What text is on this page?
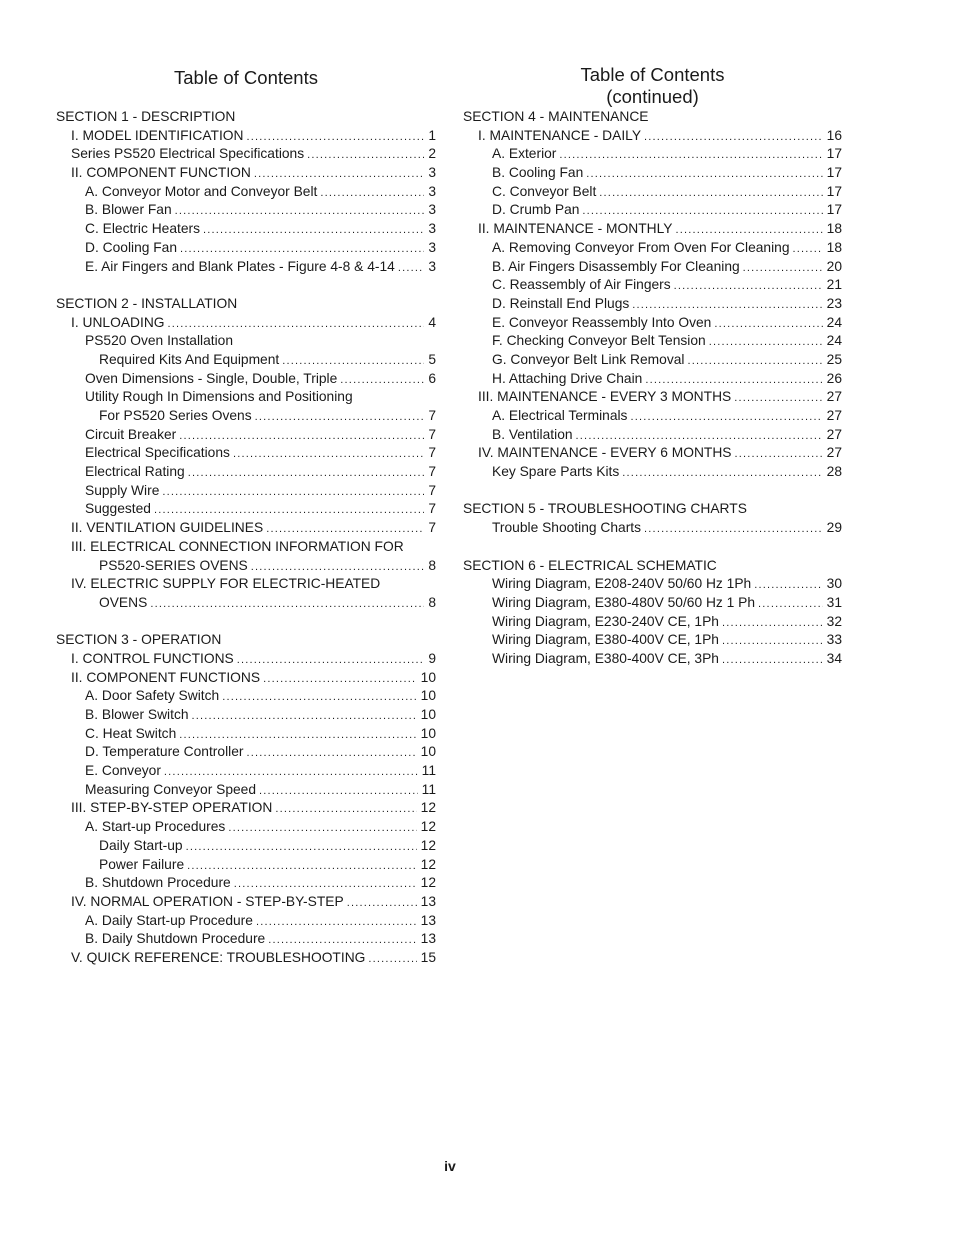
Table of Contents
SECTION 1 - DESCRIPTION
I. MODEL IDENTIFICATION .....	1
Series PS520 Electrical Specifications .....	2
II. COMPONENT FUNCTION .....	3
A. Conveyor Motor and Conveyor Belt .....	3
B. Blower Fan .....	3
C. Electric Heaters .....	3
D. Cooling Fan .....	3
E. Air Fingers and Blank Plates - Figure 4-8 & 4-14 ..... 3
SECTION 2 - INSTALLATION
I. UNLOADING .....	4
PS520 Oven Installation
Required Kits And Equipment .....	5
Oven Dimensions - Single, Double, Triple .....	6
Utility Rough In Dimensions and Positioning
For PS520 Series Ovens .....	7
Circuit Breaker .....	7
Electrical Specifications .....	7
Electrical Rating .....	7
Supply Wire .....	7
Suggested .....	7
II. VENTILATION GUIDELINES .....	7
III. ELECTRICAL CONNECTION INFORMATION FOR
PS520-SERIES OVENS .....	8
IV. ELECTRIC SUPPLY FOR ELECTRIC-HEATED
OVENS .....	8
SECTION 3 - OPERATION
I. CONTROL FUNCTIONS .....	9
II. COMPONENT FUNCTIONS .....	10
A. Door Safety Switch .....	10
B. Blower Switch .....	10
C. Heat Switch .....	10
D. Temperature Controller .....	10
E. Conveyor .....	11
Measuring Conveyor Speed .....	11
III. STEP-BY-STEP OPERATION .....	12
A. Start-up Procedures .....	12
Daily Start-up .....	12
Power Failure .....	12
B. Shutdown Procedure .....	12
IV. NORMAL OPERATION - STEP-BY-STEP .....	13
A. Daily Start-up Procedure .....	13
B. Daily Shutdown Procedure .....	13
V. QUICK REFERENCE: TROUBLESHOOTING .....	15
Table of Contents
(continued)
SECTION 4 - MAINTENANCE
I. MAINTENANCE - DAILY .....	16
A. Exterior .....	17
B. Cooling Fan .....	17
C. Conveyor Belt .....	17
D. Crumb Pan .....	17
II. MAINTENANCE - MONTHLY .....	18
A. Removing Conveyor From Oven For Cleaning .....	18
B. Air Fingers Disassembly For Cleaning .....	20
C. Reassembly of Air Fingers .....	21
D. Reinstall End Plugs .....	23
E. Conveyor Reassembly Into Oven .....	24
F. Checking Conveyor Belt Tension .....	24
G. Conveyor Belt Link Removal .....	25
H. Attaching Drive Chain .....	26
III. MAINTENANCE - EVERY 3 MONTHS .....	27
A. Electrical Terminals .....	27
B. Ventilation .....	27
IV. MAINTENANCE - EVERY 6 MONTHS .....	27
Key Spare Parts Kits .....	28
SECTION 5 - TROUBLESHOOTING CHARTS
Trouble Shooting Charts .....	29
SECTION 6 - ELECTRICAL SCHEMATIC
Wiring Diagram, E208-240V 50/60 Hz 1Ph .....	30
Wiring Diagram, E380-480V 50/60 Hz 1 Ph .....	31
Wiring Diagram, E230-240V CE, 1Ph .....	32
Wiring Diagram, E380-400V CE, 1Ph .....	33
Wiring Diagram, E380-400V CE, 3Ph .....	34
iv
